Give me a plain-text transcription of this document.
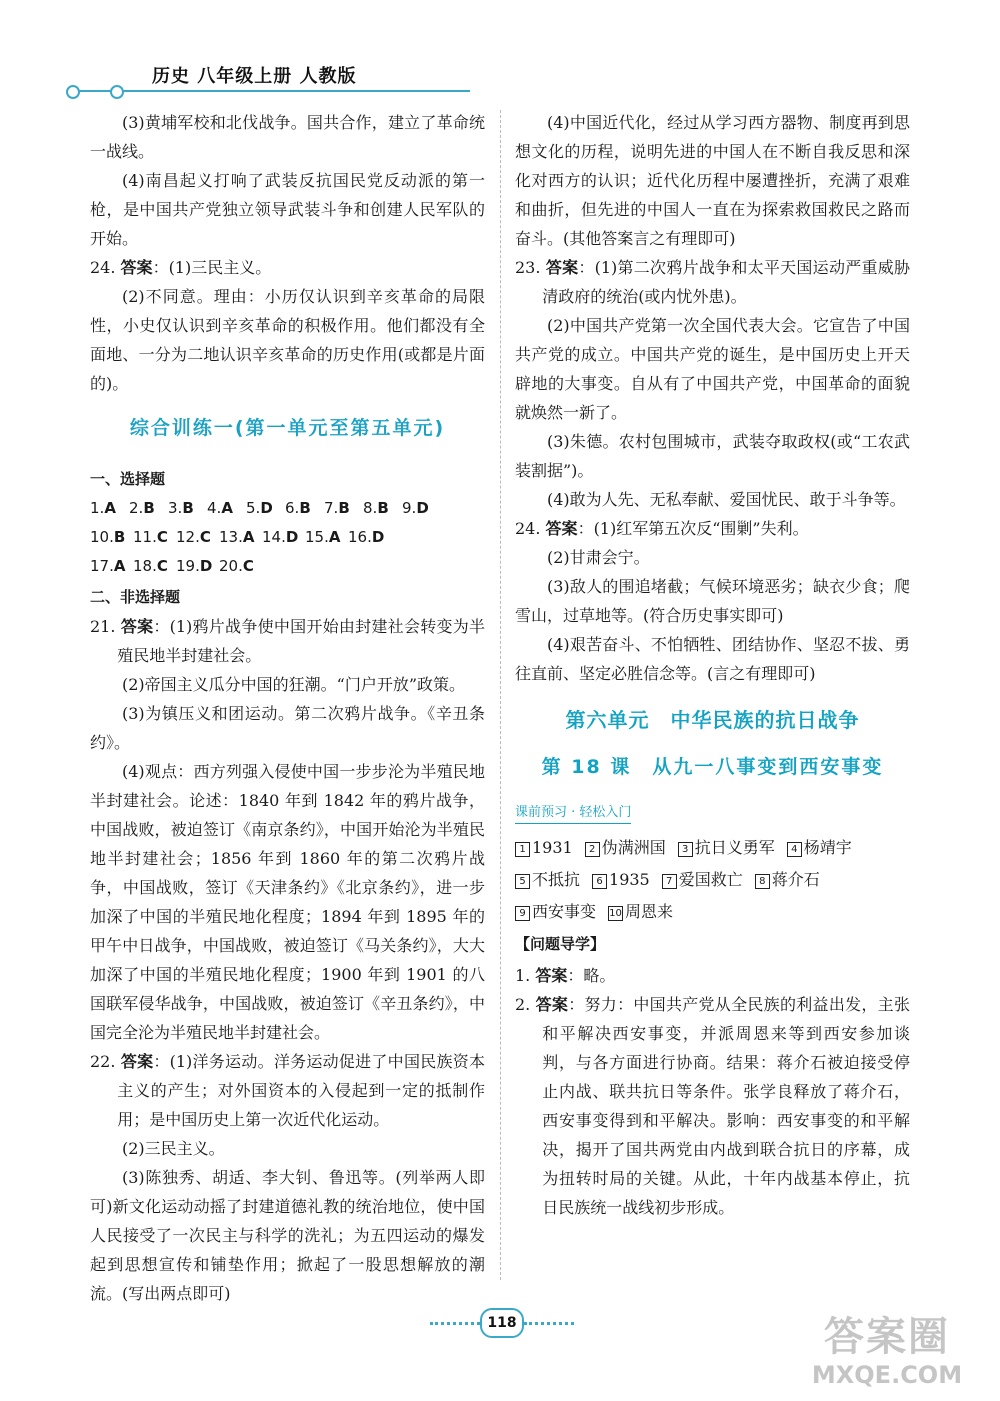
历史 八年级上册 人教版
(3)黄埔军校和北伐战争。国共合作，建立了革命统一战线。
(4)南昌起义打响了武装反抗国民党反动派的第一枪，是中国共产党独立领导武装斗争和创建人民军队的开始。
24. 答案：(1)三民主义。
(2)不同意。理由：小历仅认识到辛亥革命的局限性，小史仅认识到辛亥革命的积极作用。他们都没有全面地、一分为二地认识辛亥革命的历史作用(或都是片面的)。
综合训练一(第一单元至第五单元)
一、选择题
1.A 2.B 3.B 4.A 5.D 6.B 7.B 8.B 9.D
10.B 11.C 12.C 13.A 14.D 15.A 16.D
17.A 18.C 19.D 20.C
二、非选择题
21. 答案：(1)鸦片战争使中国开始由封建社会转变为半殖民地半封建社会。
(2)帝国主义瓜分中国的狂潮。“门户开放”政策。
(3)为镇压义和团运动。第二次鸦片战争。《辛丑条约》。
(4)观点：西方列强入侵使中国一步步沦为半殖民地半封建社会。论述：1840 年到 1842 年的鸦片战争，中国战败，被迫签订《南京条约》，中国开始沦为半殖民地半封建社会；1856 年到 1860 年的第二次鸦片战争，中国战败，签订《天津条约》《北京条约》，进一步加深了中国的半殖民地化程度；1894 年到 1895 年的甲午中日战争，中国战败，被迫签订《马关条约》，大大加深了中国的半殖民地化程度；1900 年到 1901 的八国联军侵华战争，中国战败，被迫签订《辛丑条约》，中国完全沦为半殖民地半封建社会。
22. 答案：(1)洋务运动。洋务运动促进了中国民族资本主义的产生；对外国资本的入侵起到一定的抵制作用；是中国历史上第一次近代化运动。
(2)三民主义。
(3)陈独秀、胡适、李大钊、鲁迅等。(列举两人即可)新文化运动动摇了封建道德礼教的统治地位，使中国人民接受了一次民主与科学的洗礼；为五四运动的爆发起到思想宣传和铺垫作用；掀起了一股思想解放的潮流。(写出两点即可)
(4)中国近代化，经过从学习西方器物、制度再到思想文化的历程，说明先进的中国人在不断自我反思和深化对西方的认识；近代化历程中屡遭挫折，充满了艰难和曲折，但先进的中国人一直在为探索救国救民之路而奋斗。(其他答案言之有理即可)
23. 答案：(1)第二次鸦片战争和太平天国运动严重威胁清政府的统治(或内忧外患)。
(2)中国共产党第一次全国代表大会。它宣告了中国共产党的成立。中国共产党的诞生，是中国历史上开天辟地的大事变。自从有了中国共产党，中国革命的面貌就焕然一新了。
(3)朱德。农村包围城市，武装夺取政权(或“工农武装割据”)。
(4)敢为人先、无私奉献、爱国忧民、敢于斗争等。
24. 答案：(1)红军第五次反“围剿”失利。
(2)甘肃会宁。
(3)敌人的围追堵截；气候环境恶劣；缺衣少食；爬雪山，过草地等。(符合历史事实即可)
(4)艰苦奋斗、不怕牺牲、团结协作、坚忍不拔、勇往直前、坚定必胜信念等。(言之有理即可)
第六单元　中华民族的抗日战争
第 18 课　从九一八事变到西安事变
课前预习 · 轻松入门
1 1931 2 伪满洲国 3 抗日义勇军 4 杨靖宇
5 不抵抗 6 1935 7 爱国救亡 8 蒋介石
9 西安事变 10 周恩来
【问题导学】
1. 答案：略。
2. 答案：努力：中国共产党从全民族的利益出发，主张和平解决西安事变，并派周恩来等到西安参加谈判，与各方面进行协商。结果：蒋介石被迫接受停止内战、联共抗日等条件。张学良释放了蒋介石，西安事变得到和平解决。影响：西安事变的和平解决，揭开了国共两党由内战到联合抗日的序幕，成为扭转时局的关键。从此，十年内战基本停止，抗日民族统一战线初步形成。
118	答案圈
MXQE.COM
